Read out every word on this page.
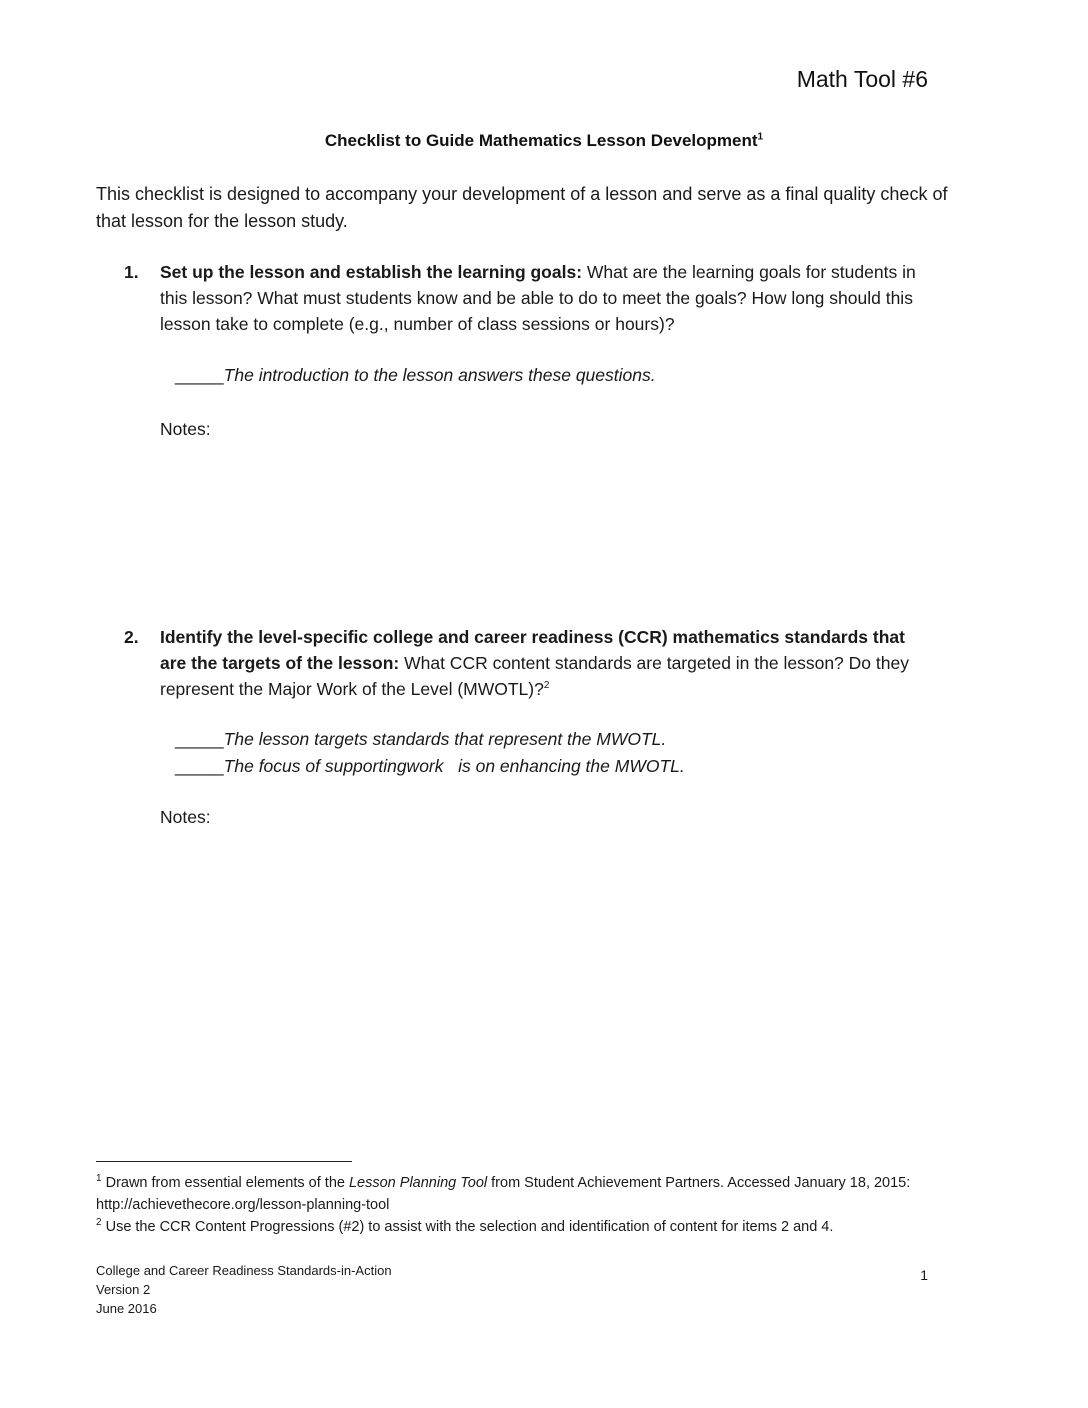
Math Tool #6
Checklist to Guide Mathematics Lesson Development$^1$
This checklist is designed to accompany your development of a lesson and serve as a final quality check of that lesson for the lesson study.
1. Set up the lesson and establish the learning goals: What are the learning goals for students in this lesson? What must students know and be able to do to meet the goals? How long should this lesson take to complete (e.g., number of class sessions or hours)?
_____The introduction to the lesson answers these questions.
Notes:
2. Identify the level-specific college and career readiness (CCR) mathematics standards that are the targets of the lesson: What CCR content standards are targeted in the lesson? Do they represent the Major Work of the Level (MWOTL)?$^2$
_____The lesson targets standards that represent the MWOTL.
_____The focus of supportingwork   is on enhancing the MWOTL.
Notes:

$^1$ Drawn from essential elements of the Lesson Planning Tool from Student Achievement Partners. Accessed January 18, 2015: http://achievethecore.org/lesson-planning-tool

$^2$ Use the CCR Content Progressions (#2) to assist with the selection and identification of content for items 2 and 4.

College and Career Readiness Standards-in-Action
Version 2
June 2016
1
